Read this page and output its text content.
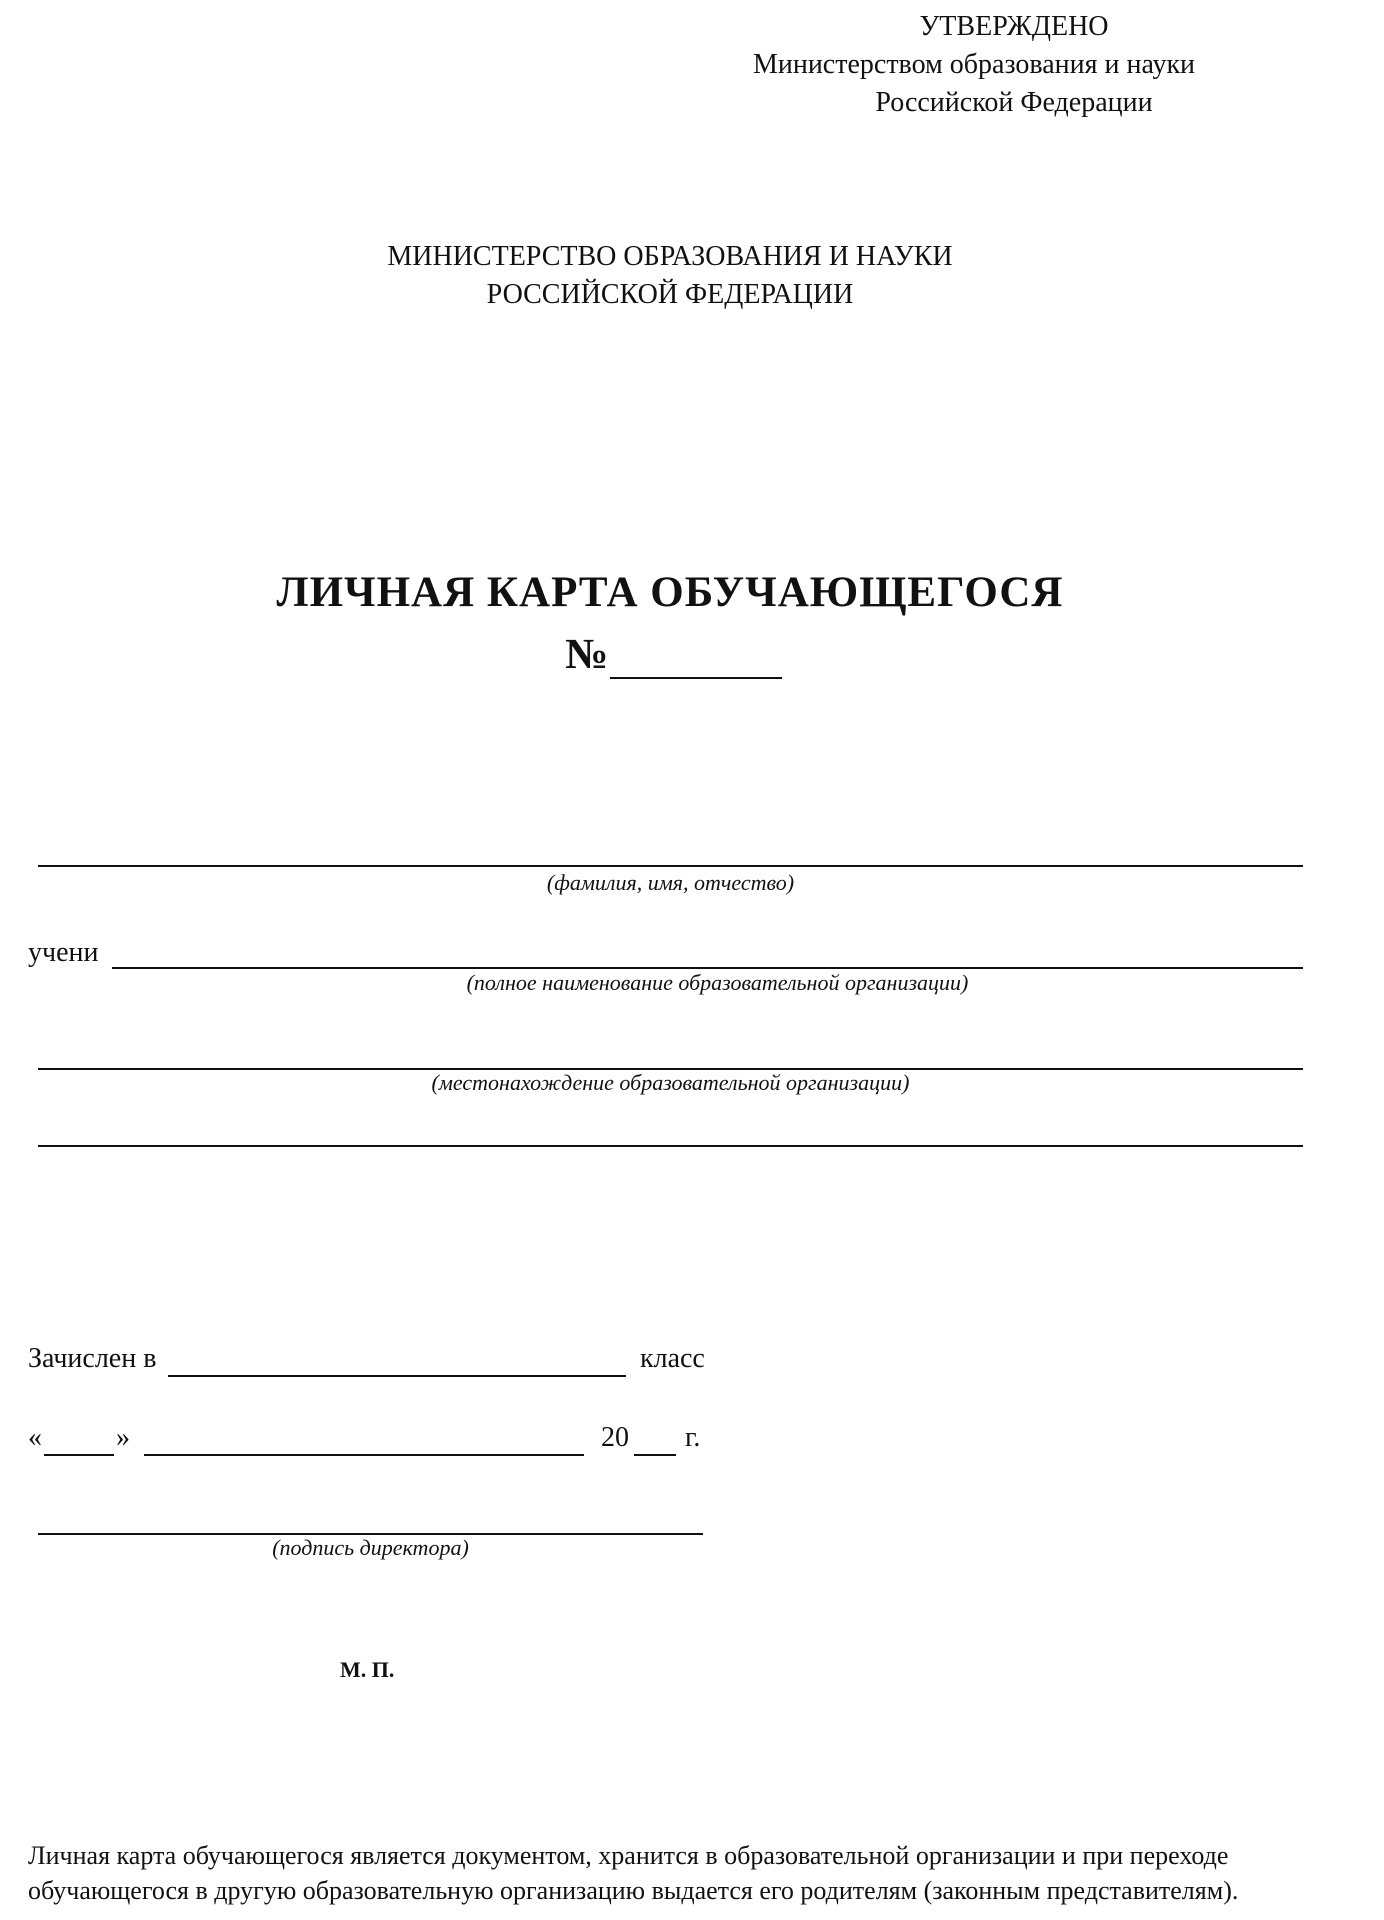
УТВЕРЖДЕНО
Министерством образования и науки
Российской Федерации
МИНИСТЕРСТВО ОБРАЗОВАНИЯ И НАУКИ
РОССИЙСКОЙ ФЕДЕРАЦИИ
ЛИЧНАЯ КАРТА ОБУЧАЮЩЕГОСЯ
№
(фамилия, имя, отчество)
учени
(полное наименование образовательной организации)
(местонахождение образовательной организации)
Зачислен в	класс
«	»	20 г.
(подпись директора)
М. П.
Личная карта обучающегося является документом, хранится в образовательной организации и при переходе
обучающегося в другую образовательную организацию выдается его родителям (законным представителям).
